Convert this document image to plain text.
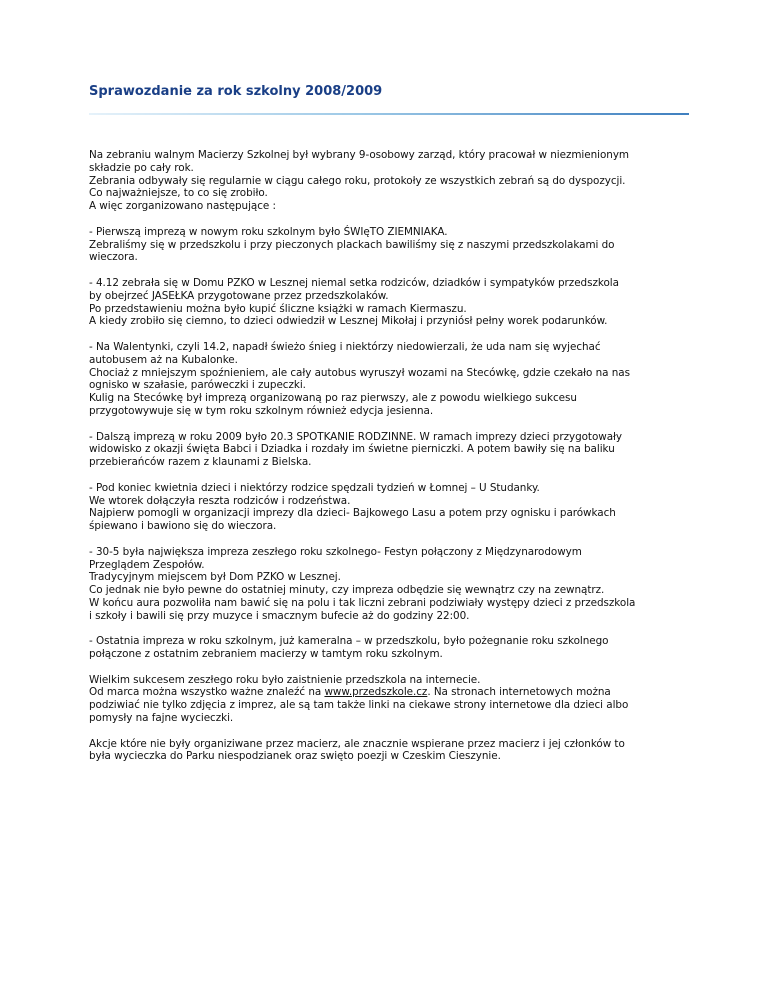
Sprawozdanie za rok szkolny 2008/2009

Na zebraniu walnym Macierzy Szkolnej był wybrany 9-osobowy zarząd, który pracował w niezmienionym
składzie po cały rok.
Zebrania odbywały się regularnie w ciągu całego roku, protokoły ze wszystkich zebrań są do dyspozycji.
Co najważniejsze, to co się zrobiło.
A więc zorganizowano następujące :

- Pierwszą imprezą w nowym roku szkolnym było ŚWIęTO ZIEMNIAKA.
Zebraliśmy się w przedszkolu i przy pieczonych plackach bawiliśmy się z naszymi przedszkolakami do
wieczora.

- 4.12 zebrała się w Domu PZKO w Lesznej niemal setka rodziców, dziadków i sympatyków przedszkola
by obejrzeć JASEŁKA przygotowane przez przedszkolaków.
Po przedstawieniu można było kupić śliczne książki w ramach Kiermaszu.
A kiedy zrobiło się ciemno, to dzieci odwiedził w Lesznej Mikołaj i przyniósł pełny worek podarunków.

- Na Walentynki, czyli 14.2, napadł świeżo śnieg i niektórzy niedowierzali, że uda nam się wyjechać
autobusem aż na Kubalonke.
Chociaż z mniejszym spoźnieniem, ale cały autobus wyruszył wozami na Stecówkę, gdzie czekało na nas
ognisko w szałasie, paróweczki i zupeczki.
Kulig na Stecówkę był imprezą organizowaną po raz pierwszy, ale z powodu wielkiego sukcesu
przygotowywuje się w tym roku szkolnym również edycja jesienna.

- Dalszą imprezą w roku 2009 było 20.3 SPOTKANIE RODZINNE. W ramach imprezy dzieci przygotowały
widowisko z okazji święta Babci i Dziadka i rozdały im świetne pierniczki. A potem bawiły się na baliku
przebierańców razem z klaunami z Bielska.

- Pod koniec kwietnia dzieci i niektórzy rodzice spędzali tydzień w Łomnej – U Studanky.
We wtorek dołączyła reszta rodziców i rodzeństwa.
Najpierw pomogli w organizacji imprezy dla dzieci- Bajkowego Lasu a potem przy ognisku i parówkach
śpiewano i bawiono się do wieczora.

- 30-5 była największa impreza zeszłego roku szkolnego- Festyn połączony z Międzynarodowym
Przeglądem Zespołów.
Tradycyjnym miejscem był Dom PZKO w Lesznej.
Co jednak nie było pewne do ostatniej minuty, czy impreza odbędzie się wewnątrz czy na zewnątrz.
W końcu aura pozwoliła nam bawić się na polu i tak liczni zebrani podziwiały występy dzieci z przedszkola
i szkoły i bawili się przy muzyce i smacznym bufecie aż do godziny 22:00.

- Ostatnia impreza w roku szkolnym, już kameralna – w przedszkolu, było pożegnanie roku szkolnego
połączone z ostatnim zebraniem macierzy w tamtym roku szkolnym.

Wielkim sukcesem zeszłego roku było zaistnienie przedszkola na internecie.
Od marca można wszystko ważne znaleźć na www.przedszkole.cz. Na stronach internetowych można
podziwiać nie tylko zdjęcia z imprez, ale są tam także linki na ciekawe strony internetowe dla dzieci albo
pomysły na fajne wycieczki.

Akcje które nie były organiziwane przez macierz, ale znacznie wspierane przez macierz i jej członków to
była wycieczka do Parku niespodzianek oraz swięto poezji w Czeskim Cieszynie.
